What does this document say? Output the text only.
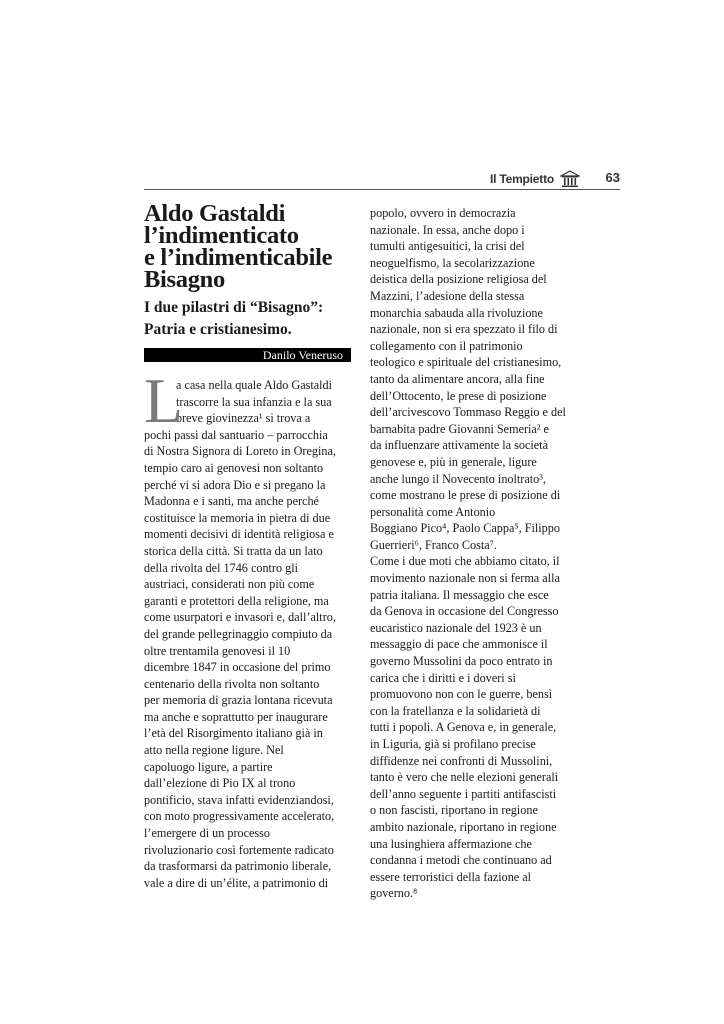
Il Tempietto	63
Aldo Gastaldi
l’indimenticato
e l’indimenticabile
Bisagno
I due pilastri di “Bisagno”:
Patria e cristianesimo.
Danilo Veneruso
L
a casa nella quale Aldo Gastaldi
trascorre la sua infanzia e la sua
breve giovinezza¹ si trova a
pochi passi dal santuario – parrocchia
di Nostra Signora di Loreto in Oregina,
tempio caro ai genovesi non soltanto
perché vi si adora Dio e si pregano la
Madonna e i santi, ma anche perché
costituisce la memoria in pietra di due
momenti decisivi di identità religiosa e
storica della città. Si tratta da un lato
della rivolta del 1746 contro gli
austriaci, considerati non più come
garanti e protettori della religione, ma
come usurpatori e invasori e, dall’altro,
del grande pellegrinaggio compiuto da
oltre trentamila genovesi il 10
dicembre 1847 in occasione del primo
centenario della rivolta non soltanto
per memoria di grazia lontana ricevuta
ma anche e soprattutto per inaugurare
l’età del Risorgimento italiano già in
atto nella regione ligure. Nel
capoluogo ligure, a partire
dall’elezione di Pio IX al trono
pontificio, stava infatti evidenziandosi,
con moto progressivamente accelerato,
l’emergere di un processo
rivoluzionario così fortemente radicato
da trasformarsi da patrimonio liberale,
vale a dire di un’élite, a patrimonio di
popolo, ovvero in democrazia
nazionale. In essa, anche dopo i
tumulti antigesuitici, la crisi del
neoguelfismo, la secolarizzazione
deistica della posizione religiosa del
Mazzini, l’adesione della stessa
monarchia sabauda alla rivoluzione
nazionale, non si era spezzato il filo di
collegamento con il patrimonio
teologico e spirituale del cristianesimo,
tanto da alimentare ancora, alla fine
dell’Ottocento, le prese di posizione
dell’arcivescovo Tommaso Reggio e del
barnabita padre Giovanni Semeria² e
da influenzare attivamente la società
genovese e, più in generale, ligure
anche lungo il Novecento inoltrato³,
come mostrano le prese di posizione di
personalità come Antonio
Boggiano Pico⁴, Paolo Cappa⁵, Filippo
Guerrieri⁶, Franco Costa⁷.
Come i due moti che abbiamo citato, il
movimento nazionale non si ferma alla
patria italiana. Il messaggio che esce
da Genova in occasione del Congresso
eucaristico nazionale del 1923 è un
messaggio di pace che ammonisce il
governo Mussolini da poco entrato in
carica che i diritti e i doveri si
promuovono non con le guerre, bensì
con la fratellanza e la solidarietà di
tutti i popoli. A Genova e, in generale,
in Liguria, già si profilano precise
diffidenze nei confronti di Mussolini,
tanto è vero che nelle elezioni generali
dell’anno seguente i partiti antifascisti
o non fascisti, riportano in regione
ambito nazionale, riportano in regione
una lusinghiera affermazione che
condanna i metodi che continuano ad
essere terroristici della fazione al
governo.⁸
